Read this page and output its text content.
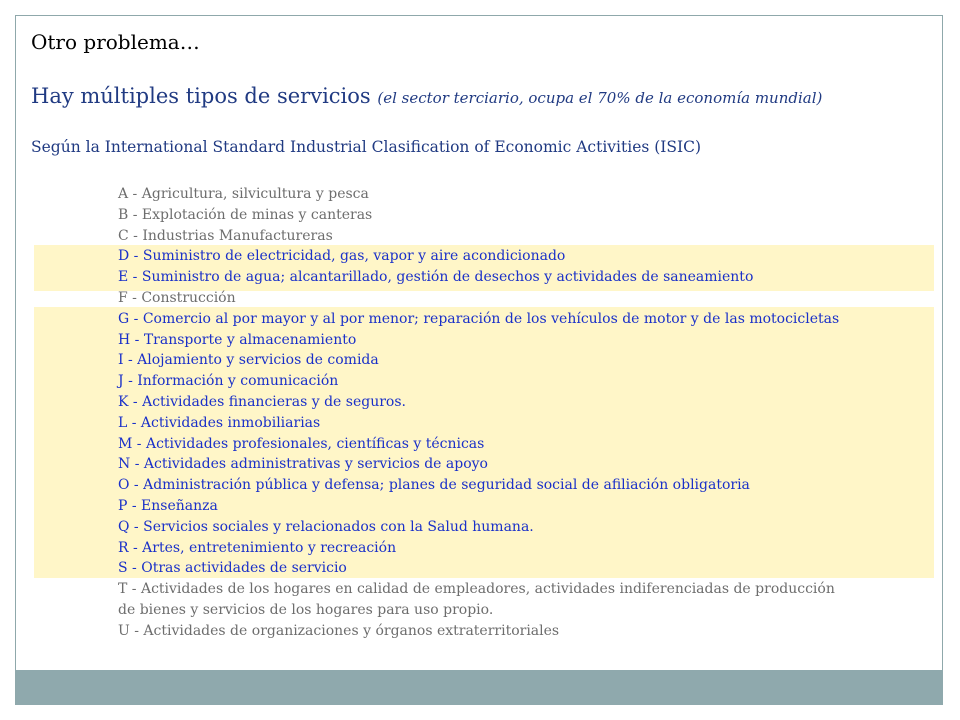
Otro problema…
Hay múltiples tipos de servicios (el sector terciario, ocupa el 70% de la economía mundial)
Según la International Standard Industrial Clasification of Economic Activities (ISIC)
A - Agricultura, silvicultura y pesca
B - Explotación de minas y canteras
C - Industrias Manufactureras
D - Suministro de electricidad, gas, vapor y aire acondicionado
E - Suministro de agua; alcantarillado, gestión de desechos y actividades de saneamiento
F - Construcción
G - Comercio al por mayor y al por menor; reparación de los vehículos de motor y de las motocicletas
H - Transporte y almacenamiento
I - Alojamiento y servicios de comida
J - Información y comunicación
K - Actividades financieras y de seguros.
L - Actividades inmobiliarias
M - Actividades profesionales, científicas y técnicas
N - Actividades administrativas y servicios de apoyo
O - Administración pública y defensa; planes de seguridad social de afiliación obligatoria
P - Enseñanza
Q - Servicios sociales y relacionados con la Salud humana.
R - Artes, entretenimiento y recreación
S - Otras actividades de servicio
T - Actividades de los hogares en calidad de empleadores, actividades indiferenciadas de producción
de bienes y servicios de los hogares para uso propio.
U - Actividades de organizaciones y órganos extraterritoriales
